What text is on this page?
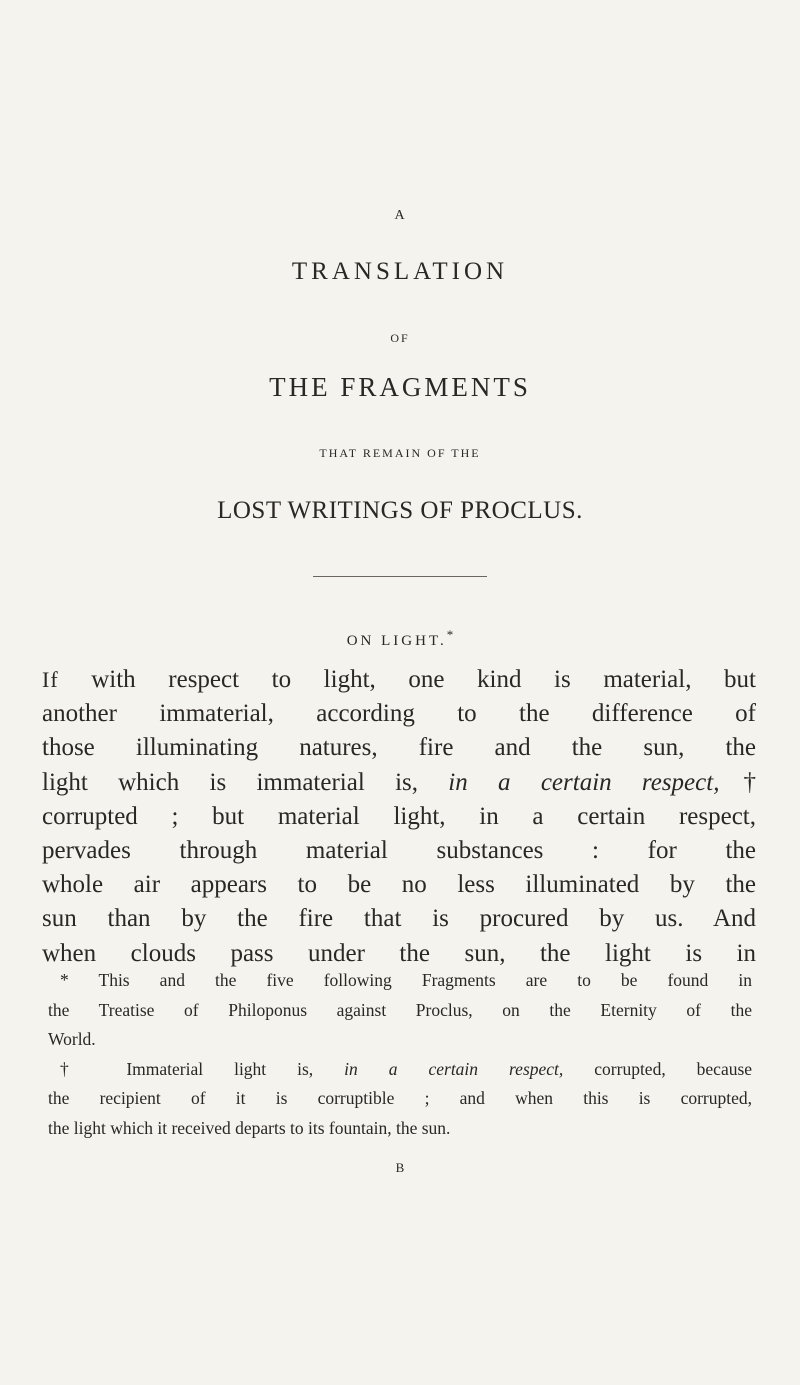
A
TRANSLATION
OF
THE FRAGMENTS
THAT REMAIN OF THE
LOST WRITINGS OF PROCLUS.
ON LIGHT.*
If with respect to light, one kind is material, but
another immaterial, according to the difference of
those illuminating natures, fire and the sun, the
light which is immaterial is, in a certain respect,†
corrupted ; but material light, in a certain respect,
pervades through material substances : for the
whole air appears to be no less illuminated by the
sun than by the fire that is procured by us. And
when clouds pass under the sun, the light is in
* This and the five following Fragments are to be found in
the Treatise of Philoponus against Proclus, on the Eternity of the
World.
† Immaterial light is, in a certain respect, corrupted, because
the recipient of it is corruptible ; and when this is corrupted,
the light which it received departs to its fountain, the sun.
B
